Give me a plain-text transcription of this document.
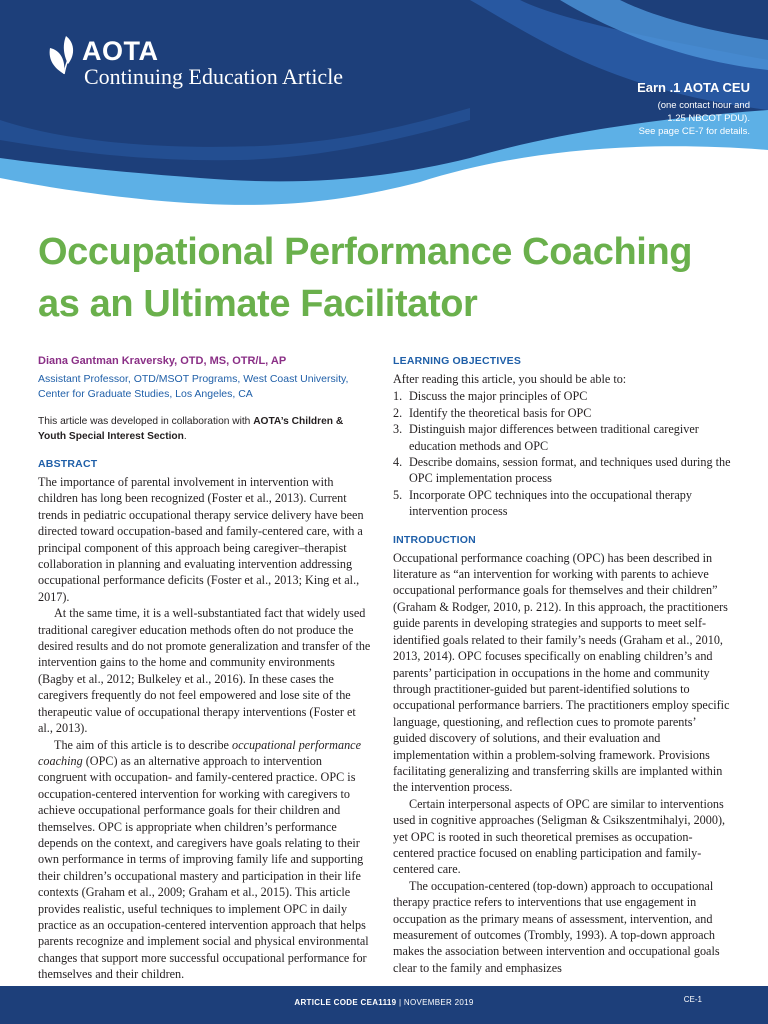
AOTA
Continuing Education Article	Earn .1 AOTA CEU
(one contact hour and
1.25 NBCOT PDU).
See page CE-7 for details.
Occupational Performance Coaching
as an Ultimate Facilitator
Diana Gantman Kraversky, OTD, MS, OTR/L, AP
Assistant Professor, OTD/MSOT Programs, West Coast University, Center for Graduate Studies, Los Angeles, CA
This article was developed in collaboration with AOTA’s Children & Youth Special Interest Section.
ABSTRACT

The importance of parental involvement in intervention with children has long been recognized (Foster et al., 2013). Current trends in pediatric occupational therapy service delivery have been directed toward occupation-based and family-centered care, with a principal component of this approach being caregiver–therapist collaboration in planning and evaluating intervention addressing occupational performance deficits (Foster et al., 2013; King et al., 2017).

At the same time, it is a well-substantiated fact that widely used traditional caregiver education methods often do not produce the desired results and do not promote generalization and transfer of the intervention gains to the home and community environments (Bagby et al., 2012; Bulkeley et al., 2016). In these cases the caregivers frequently do not feel empowered and lose site of the therapeutic value of occupational therapy interventions (Foster et al., 2013).

The aim of this article is to describe occupational performance coaching (OPC) as an alternative approach to intervention congruent with occupation- and family-centered practice. OPC is occupation-centered intervention for working with caregivers to achieve occupational performance goals for their children and themselves. OPC is appropriate when children’s performance depends on the context, and caregivers have goals relating to their own performance in terms of improving family life and supporting their children’s occupational mastery and participation in their life contexts (Graham et al., 2009; Graham et al., 2015). This article provides realistic, useful techniques to implement OPC in daily practice as an occupation-centered intervention approach that helps parents recognize and implement social and physical environmental changes that support more successful occupational performance for themselves and their children.

LEARNING OBJECTIVES

After reading this article, you should be able to:

1. Discuss the major principles of OPC
2. Identify the theoretical basis for OPC
3. Distinguish major differences between traditional caregiver education methods and OPC
4. Describe domains, session format, and techniques used during the OPC implementation process
5. Incorporate OPC techniques into the occupational therapy intervention process
INTRODUCTION

Occupational performance coaching (OPC) has been described in literature as “an intervention for working with parents to achieve occupational performance goals for themselves and their children” (Graham & Rodger, 2010, p. 212). In this approach, the practitioners guide parents in developing strategies and supports to meet self-identified goals related to their family’s needs (Graham et al., 2010, 2013, 2014). OPC focuses specifically on enabling children’s and parents’ participation in occupations in the home and community through practitioner-guided but parent-identified solutions to occupational performance barriers. The practitioners employ specific language, questioning, and reflection cues to promote parents’ guided discovery of solutions, and their evaluation and implementation within a problem-solving framework. Provisions facilitating generalizing and transferring skills are implanted within the intervention process.

Certain interpersonal aspects of OPC are similar to interventions used in cognitive approaches (Seligman & Csikszentmihalyi, 2000), yet OPC is rooted in such theoretical premises as occupation-centered practice focused on enabling participation and family-centered care.

The occupation-centered (top-down) approach to occupational therapy practice refers to interventions that use engagement in occupation as the primary means of assessment, intervention, and measurement of outcomes (Trombly, 1993). A top-down approach makes the association between intervention and occupational goals clear to the family and emphasizes

ARTICLE CODE CEA1119 | NOVEMBER 2019	CE-1
